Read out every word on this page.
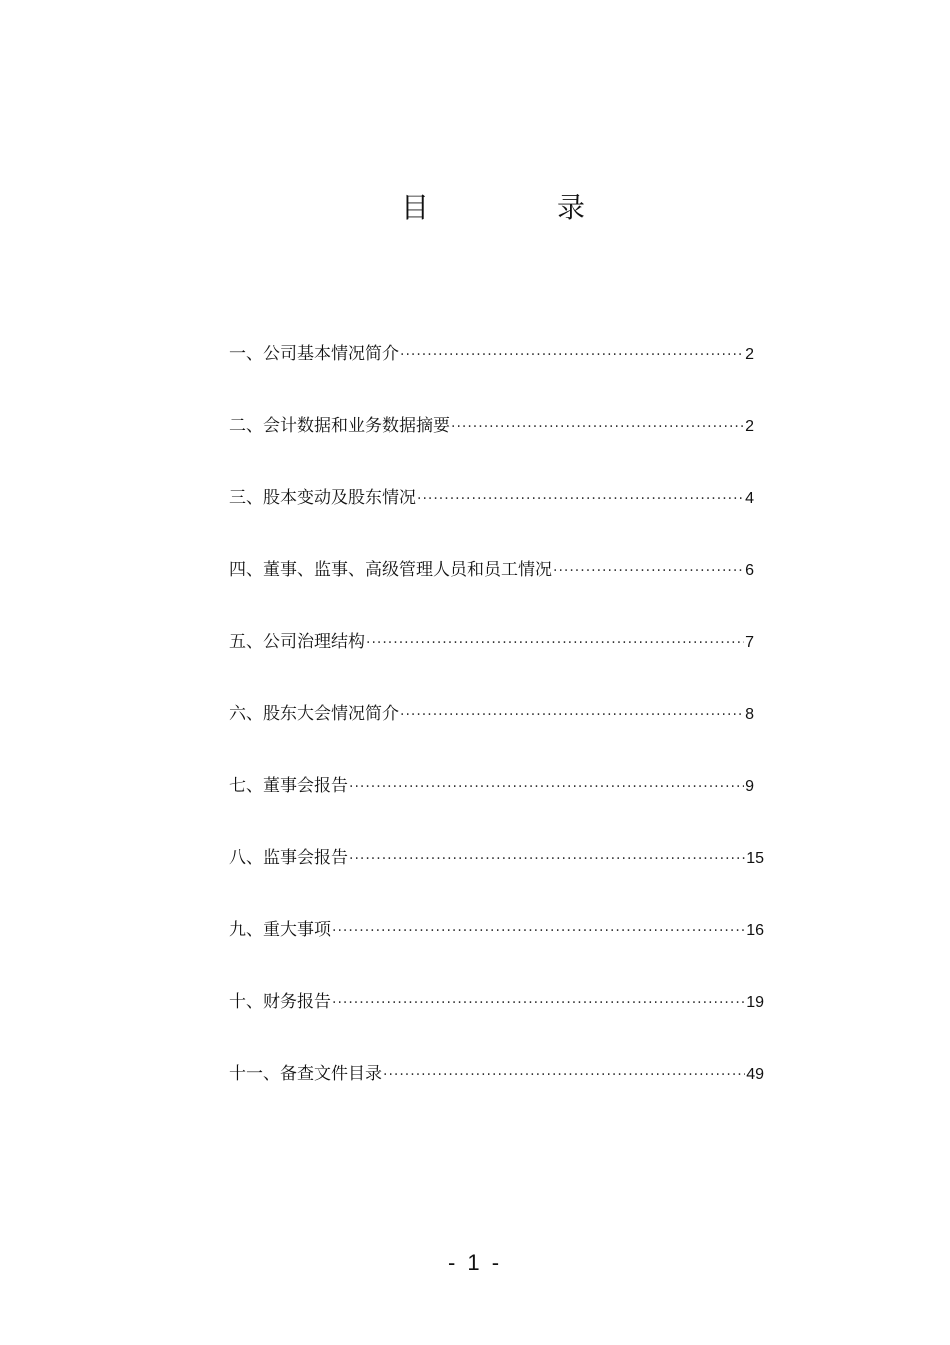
目	录
一、公司基本情况简介 ·····	2
二、会计数据和业务数据摘要 ·····	2
三、股本变动及股东情况 ·····	4
四、董事、监事、高级管理人员和员工情况 ·····	6
五、公司治理结构 ·····	7
六、股东大会情况简介 ·····	8
七、董事会报告 ·····	9
八、监事会报告 ·····	15
九、重大事项 ·····	16
十、财务报告 ·····	19
十一、备查文件目录 ·····	49
- 1 -
